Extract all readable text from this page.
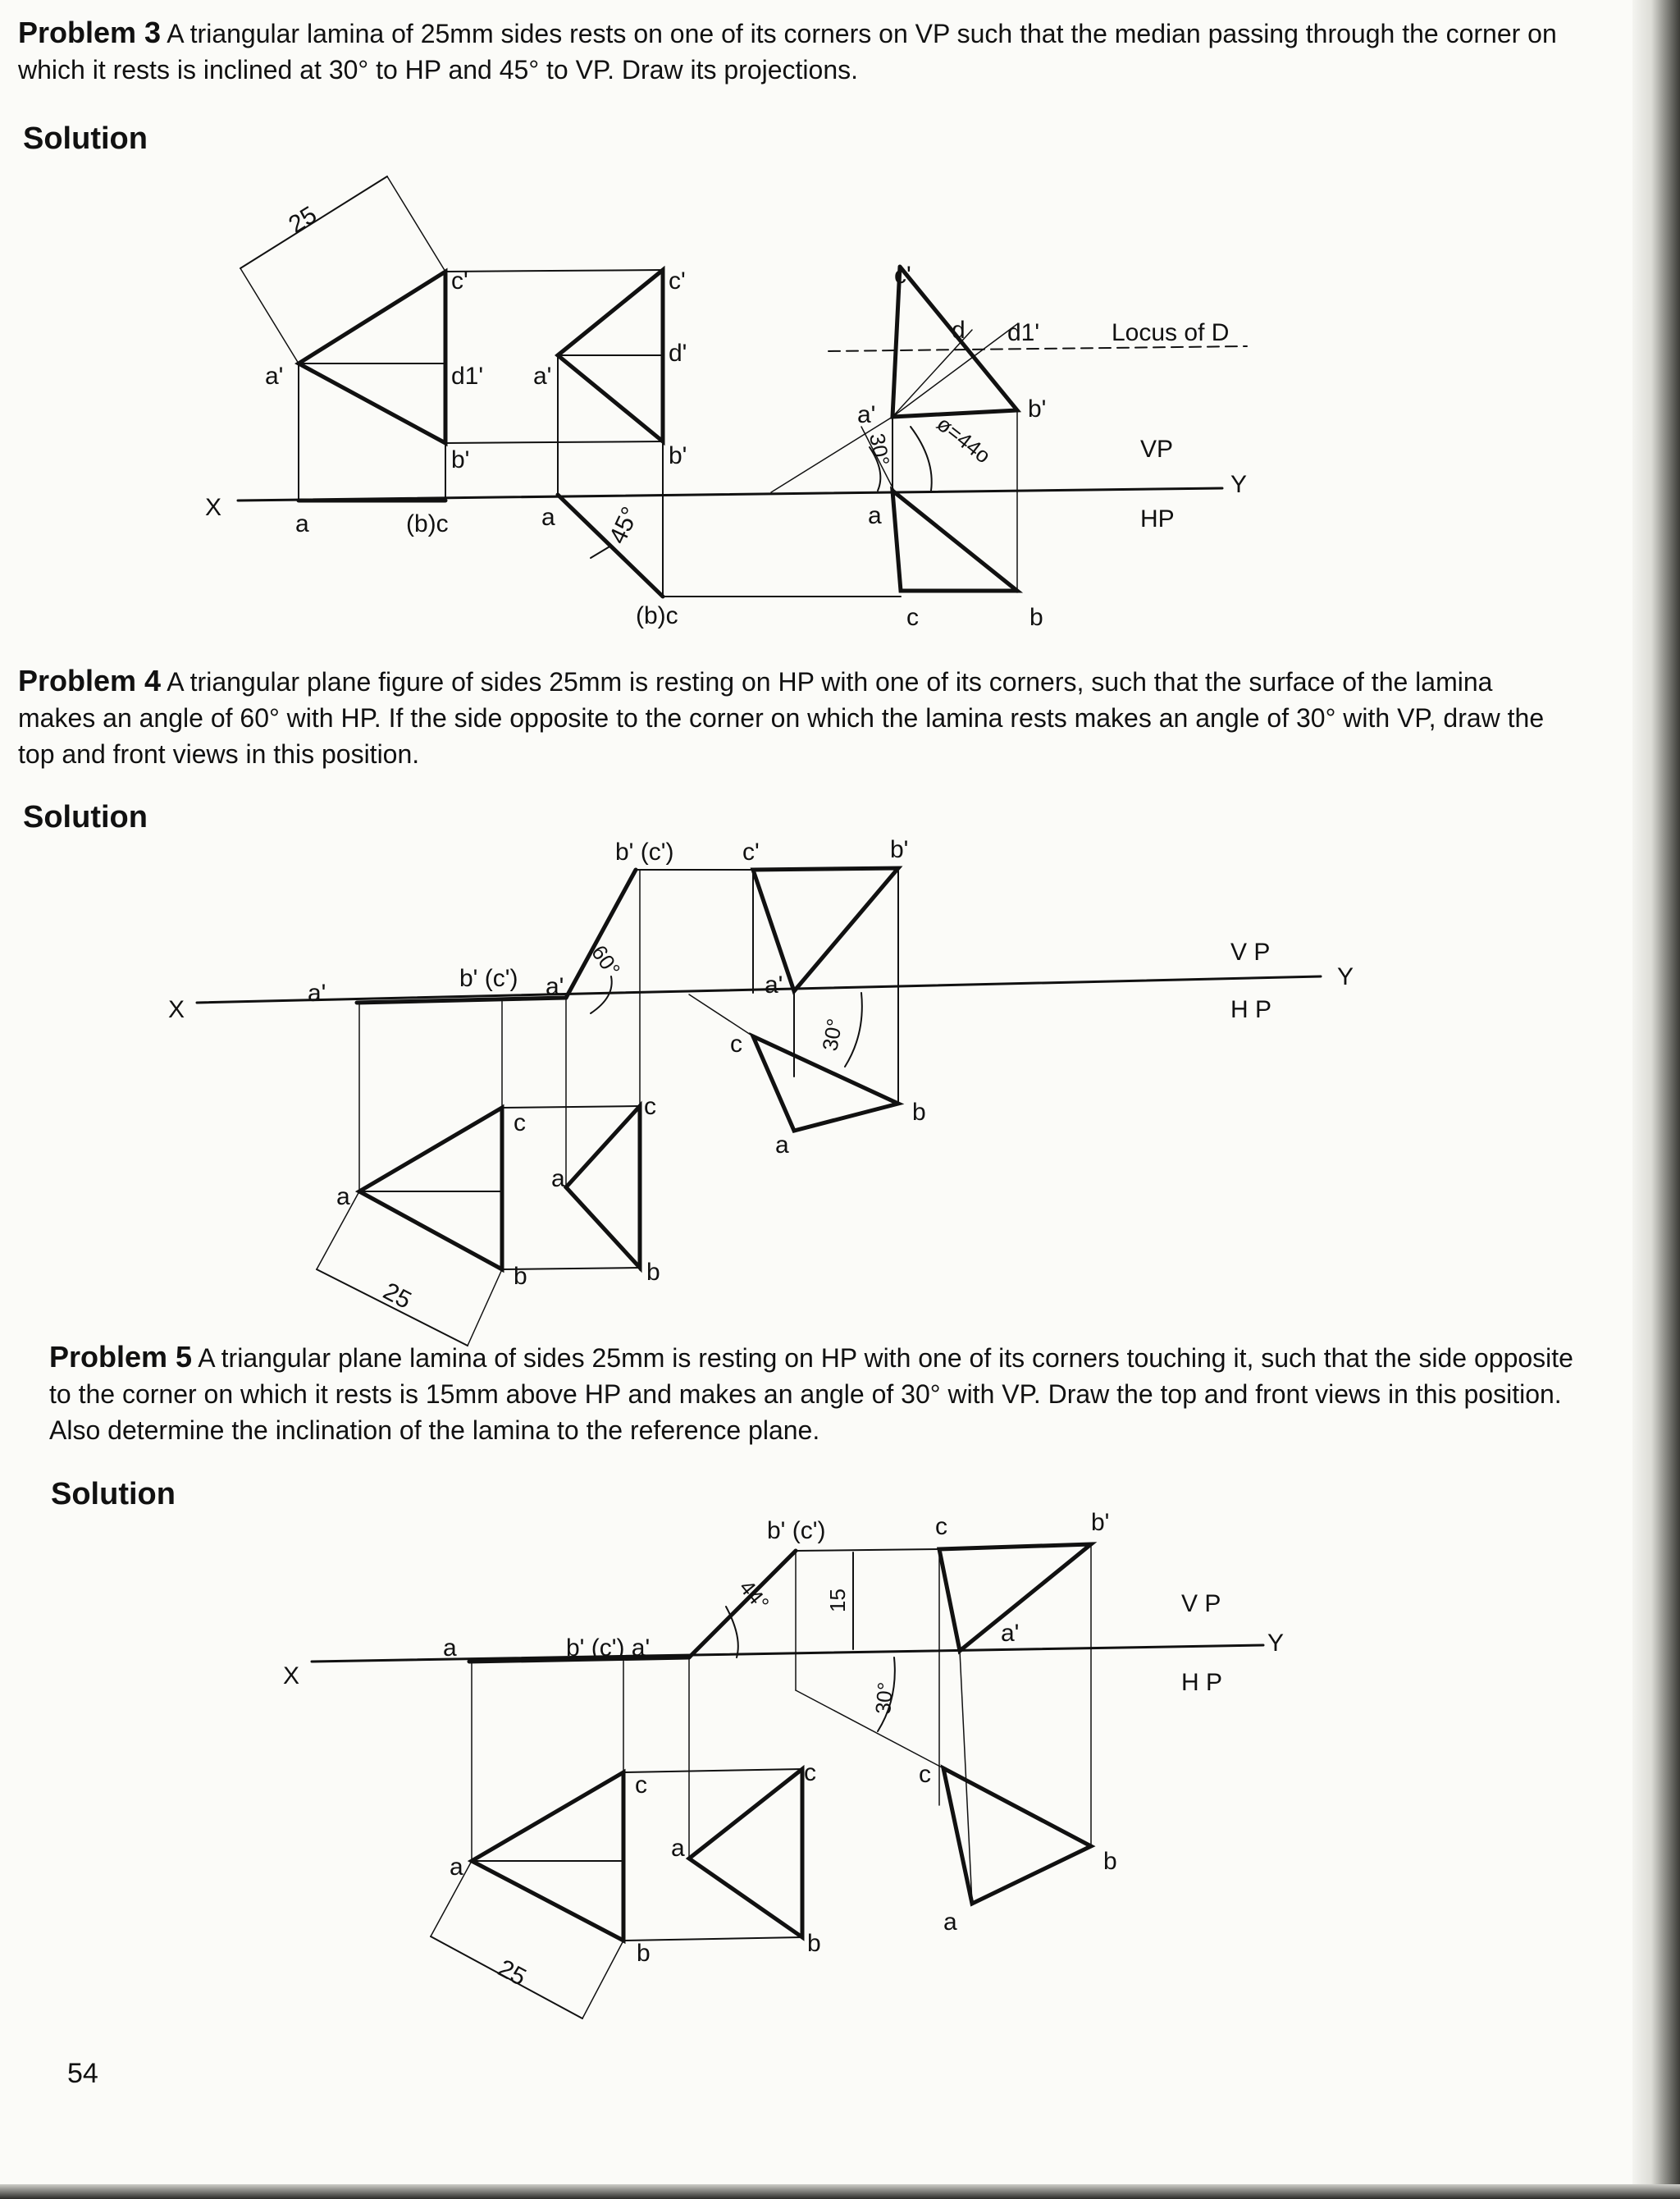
Problem 3 A triangular lamina of 25mm sides rests on one of its corners on VP such that the median passing through the corner on which it rests is inclined at 30° to HP and 45° to VP. Draw its projections.
Solution
Problem 4 A triangular plane figure of sides 25mm is resting on HP with one of its corners, such that the surface of the lamina makes an angle of 60° with HP. If the side opposite to the corner on which the lamina rests makes an angle of 30° with VP, draw the top and front views in this position.
Solution
Problem 5 A triangular plane lamina of sides 25mm is resting on HP with one of its corners touching it, such that the side opposite to the corner on which it rests is 15mm above HP and makes an angle of 30° with VP. Draw the top and front views in this position. Also determine the inclination of the lamina to the reference plane.
Solution
X
Y
VP
HP
Locus of D
25
c'
a'	d1'
b'
a	(b)c
c'
d'
a'
b'
a 45°
(b)c
c'
d d1'
a'	b'
30° ø=44o
a
c	b
X
Y
V P
H P
a'
b' (c') a'
b' (c')
60°
c'	b'
a'
30°
c
a
b
c
a
b
a
c
b
25
X
Y
V P
H P
a	b' (c') a'
b' (c')
44° 15
30°
c	b'
a'
c
a
b
a
c
b
c
a
b
25
54
